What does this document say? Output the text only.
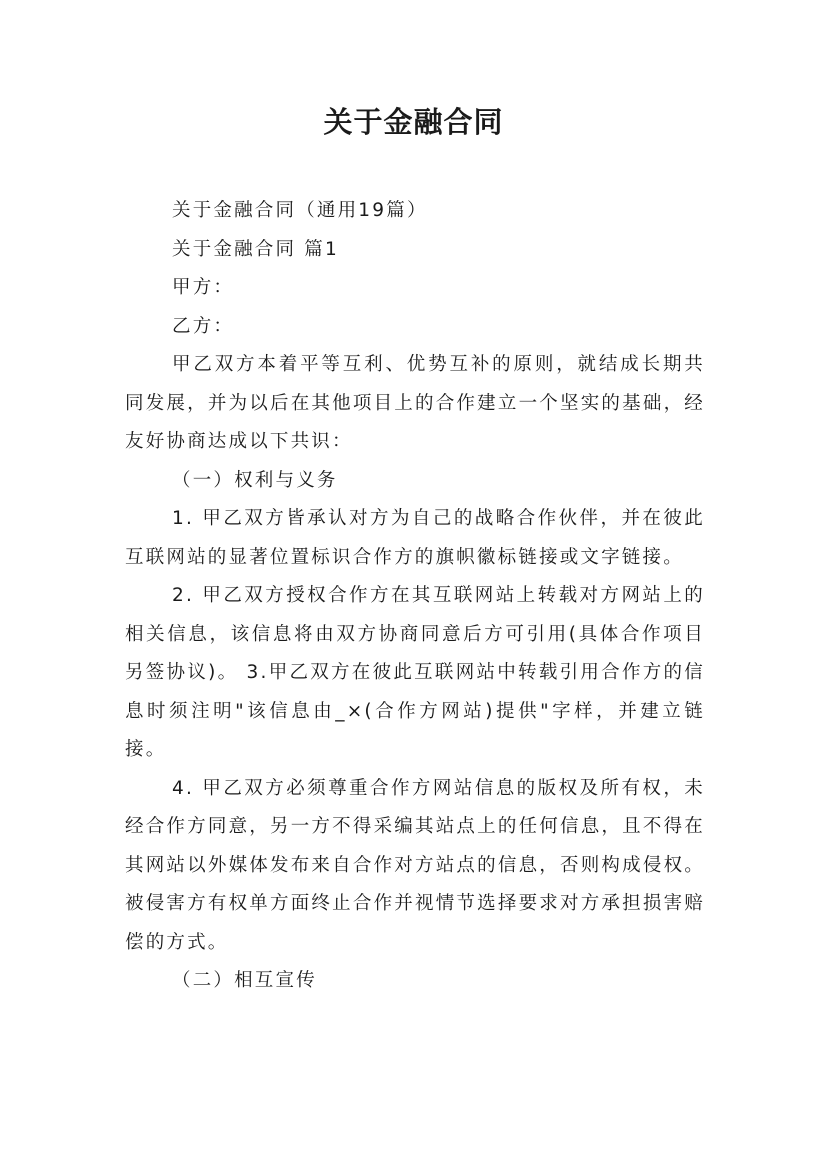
关于金融合同

关于金融合同（通用19篇）

关于金融合同 篇1

甲方：

乙方：

甲乙双方本着平等互利、优势互补的原则，就结成长期共同发展，并为以后在其他项目上的合作建立一个坚实的基础，经友好协商达成以下共识：

（一）权利与义务

1. 甲乙双方皆承认对方为自己的战略合作伙伴，并在彼此互联网站的显著位置标识合作方的旗帜徽标链接或文字链接。

2. 甲乙双方授权合作方在其互联网站上转载对方网站上的相关信息，该信息将由双方协商同意后方可引用(具体合作项目另签协议)。 3.甲乙双方在彼此互联网站中转载引用合作方的信息时须注明"该信息由_×(合作方网站)提供"字样，并建立链接。

4. 甲乙双方必须尊重合作方网站信息的版权及所有权，未经合作方同意，另一方不得采编其站点上的任何信息，且不得在其网站以外媒体发布来自合作对方站点的信息，否则构成侵权。被侵害方有权单方面终止合作并视情节选择要求对方承担损害赔偿的方式。

（二）相互宣传
